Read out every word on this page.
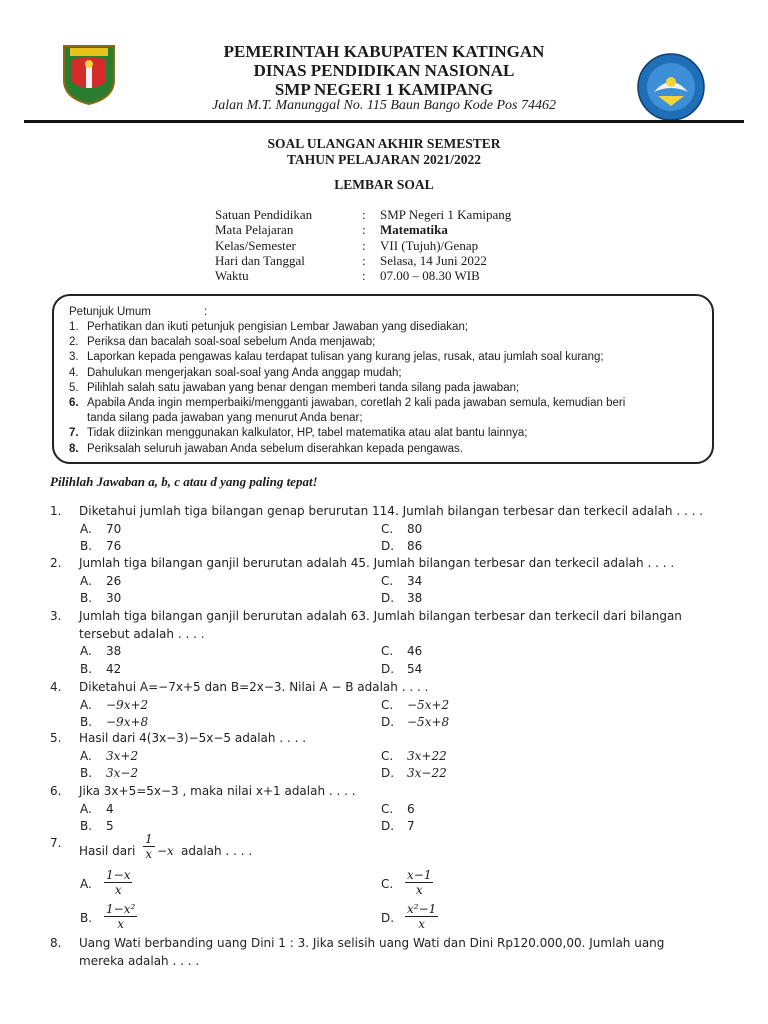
PEMERINTAH KABUPATEN KATINGAN
DINAS PENDIDIKAN NASIONAL
SMP NEGERI 1 KAMIPANG
Jalan M.T. Manunggal No. 115 Baun Bango Kode Pos 74462
SOAL ULANGAN AKHIR SEMESTER
TAHUN PELAJARAN 2021/2022
LEMBAR SOAL
Satuan Pendidikan	: SMP Negeri 1 Kamipang
Mata Pelajaran	: Matematika
Kelas/Semester	: VII (Tujuh)/Genap
Hari dan Tanggal	: Selasa, 14 Juni 2022
Waktu	: 07.00 – 08.30 WIB
Petunjuk Umum	:
1. Perhatikan dan ikuti petunjuk pengisian Lembar Jawaban yang disediakan;
2. Periksa dan bacalah soal-soal sebelum Anda menjawab;
3. Laporkan kepada pengawas kalau terdapat tulisan yang kurang jelas, rusak, atau jumlah soal kurang;
4. Dahulukan mengerjakan soal-soal yang Anda anggap mudah;
5. Pilihlah salah satu jawaban yang benar dengan memberi tanda silang pada jawaban;
6. Apabila Anda ingin memperbaiki/mengganti jawaban, coretlah 2 kali pada jawaban semula, kemudian beri
tanda silang pada jawaban yang menurut Anda benar;
7. Tidak diizinkan menggunakan kalkulator, HP, tabel matematika atau alat bantu lainnya;
8. Periksalah seluruh jawaban Anda sebelum diserahkan kepada pengawas.
Pilihlah Jawaban a, b, c atau d yang paling tepat!
1. Diketahui jumlah tiga bilangan genap berurutan 114. Jumlah bilangan terbesar dan terkecil adalah . . . .
A. 70	C. 80
B. 76	D. 86
2. Jumlah tiga bilangan ganjil berurutan adalah 45. Jumlah bilangan terbesar dan terkecil adalah . . . .
A. 26	C. 34
B. 30	D. 38
3. Jumlah tiga bilangan ganjil berurutan adalah 63. Jumlah bilangan terbesar dan terkecil dari bilangan
tersebut adalah . . . .
A. 38	C. 46
B. 42	D. 54
4. Diketahui A=−7x+5 dan B=2x−3. Nilai A − B adalah . . . .
A. −9x+2	C. −5x+2
B. −9x+8	D. −5x+8
5. Hasil dari 4(3x−3)−5x−5 adalah . . . .
A. 3x+2	C. 3x+22
B. 3x−2	D. 3x−22
6. Jika 3x+5=5x−3 , maka nilai x+1 adalah . . . .
A. 4	C. 6
B. 5	D. 7
7.
Hasil dari $\frac{1}{x} -x$ adalah . . . .
A. $\frac{1-x}{x}$	C. $\frac{x-1}{x}$
B. $\frac{\text{1−x²}}{x}$	D. $\frac{\text{x²−1}}{x}$
8. Uang Wati berbanding uang Dini 1 : 3. Jika selisih uang Wati dan Dini Rp120.000,00. Jumlah uang
mereka adalah . . . .
